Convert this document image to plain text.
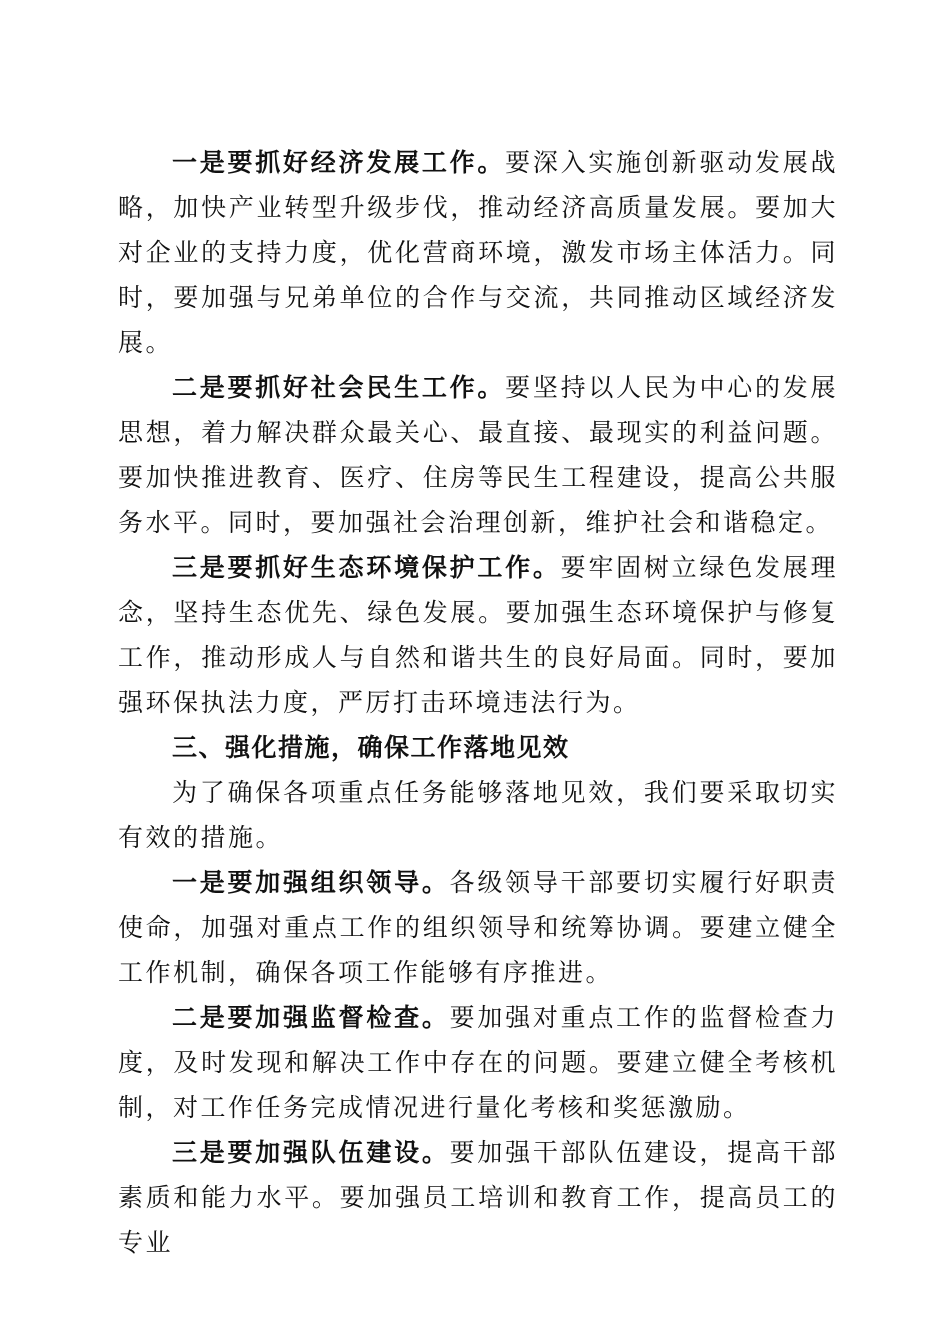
一是要抓好经济发展工作。要深入实施创新驱动发展战略，加快产业转型升级步伐，推动经济高质量发展。要加大对企业的支持力度，优化营商环境，激发市场主体活力。同时，要加强与兄弟单位的合作与交流，共同推动区域经济发展。

二是要抓好社会民生工作。要坚持以人民为中心的发展思想，着力解决群众最关心、最直接、最现实的利益问题。要加快推进教育、医疗、住房等民生工程建设，提高公共服务水平。同时，要加强社会治理创新，维护社会和谐稳定。

三是要抓好生态环境保护工作。要牢固树立绿色发展理念，坚持生态优先、绿色发展。要加强生态环境保护与修复工作，推动形成人与自然和谐共生的良好局面。同时，要加强环保执法力度，严厉打击环境违法行为。

三、强化措施，确保工作落地见效

为了确保各项重点任务能够落地见效，我们要采取切实有效的措施。

一是要加强组织领导。各级领导干部要切实履行好职责使命，加强对重点工作的组织领导和统筹协调。要建立健全工作机制，确保各项工作能够有序推进。

二是要加强监督检查。要加强对重点工作的监督检查力度，及时发现和解决工作中存在的问题。要建立健全考核机制，对工作任务完成情况进行量化考核和奖惩激励。

三是要加强队伍建设。要加强干部队伍建设，提高干部素质和能力水平。要加强员工培训和教育工作，提高员工的专业
